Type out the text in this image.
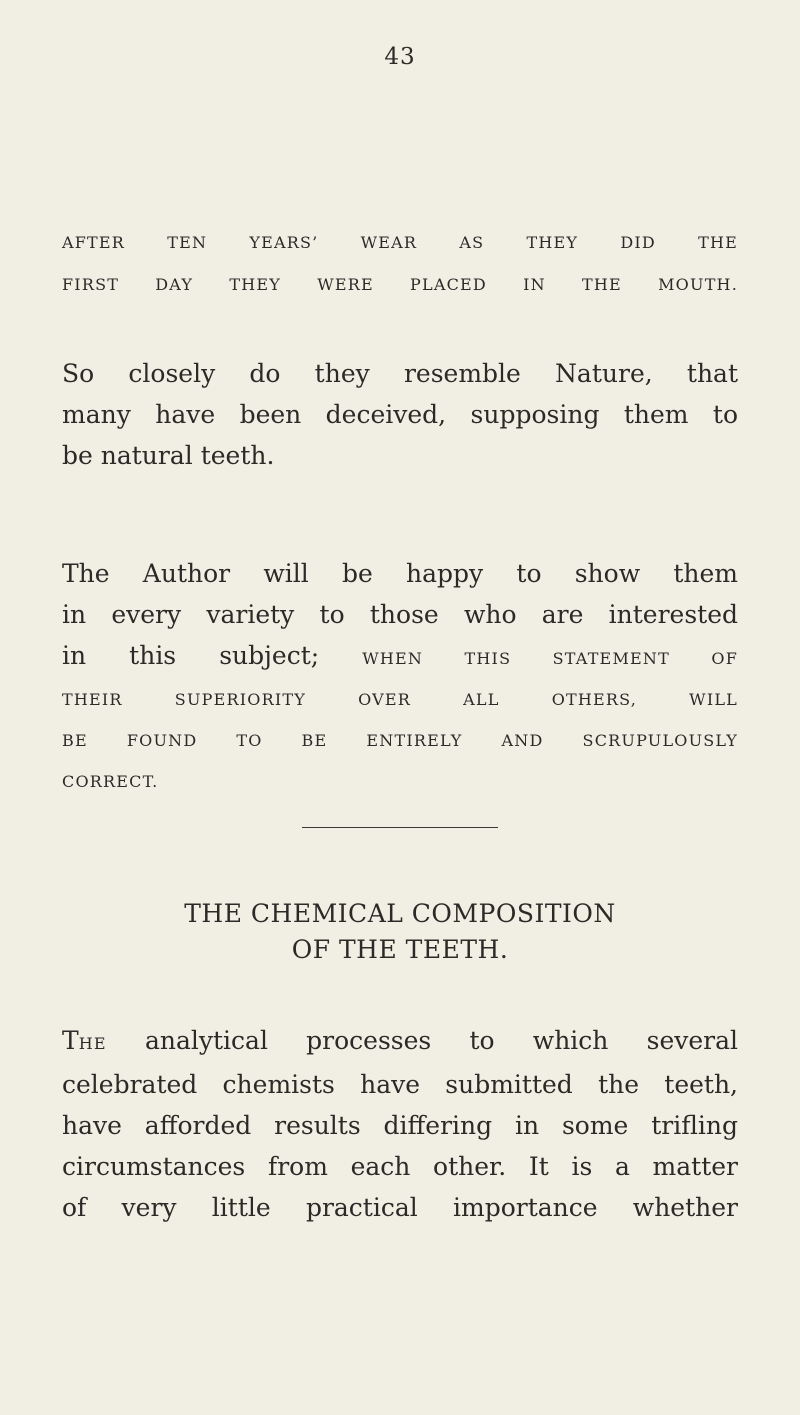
43
AFTER TEN YEARS’ WEAR AS THEY DID THE
FIRST DAY THEY WERE PLACED IN THE MOUTH.
So closely do they resemble Nature, that
many have been deceived, supposing them to
be natural teeth.
The Author will be happy to show them
in every variety to those who are interested
in this subject;	WHEN THIS STATEMENT OF
THEIR SUPERIORITY OVER ALL OTHERS, WILL
BE FOUND TO BE ENTIRELY AND SCRUPULOUSLY
CORRECT.
THE CHEMICAL COMPOSITION
OF THE TEETH.
THE analytical processes to which several
celebrated chemists have submitted the teeth,
have afforded results differing in some trifling
circumstances from each other. It is a matter
of very little practical importance whether
